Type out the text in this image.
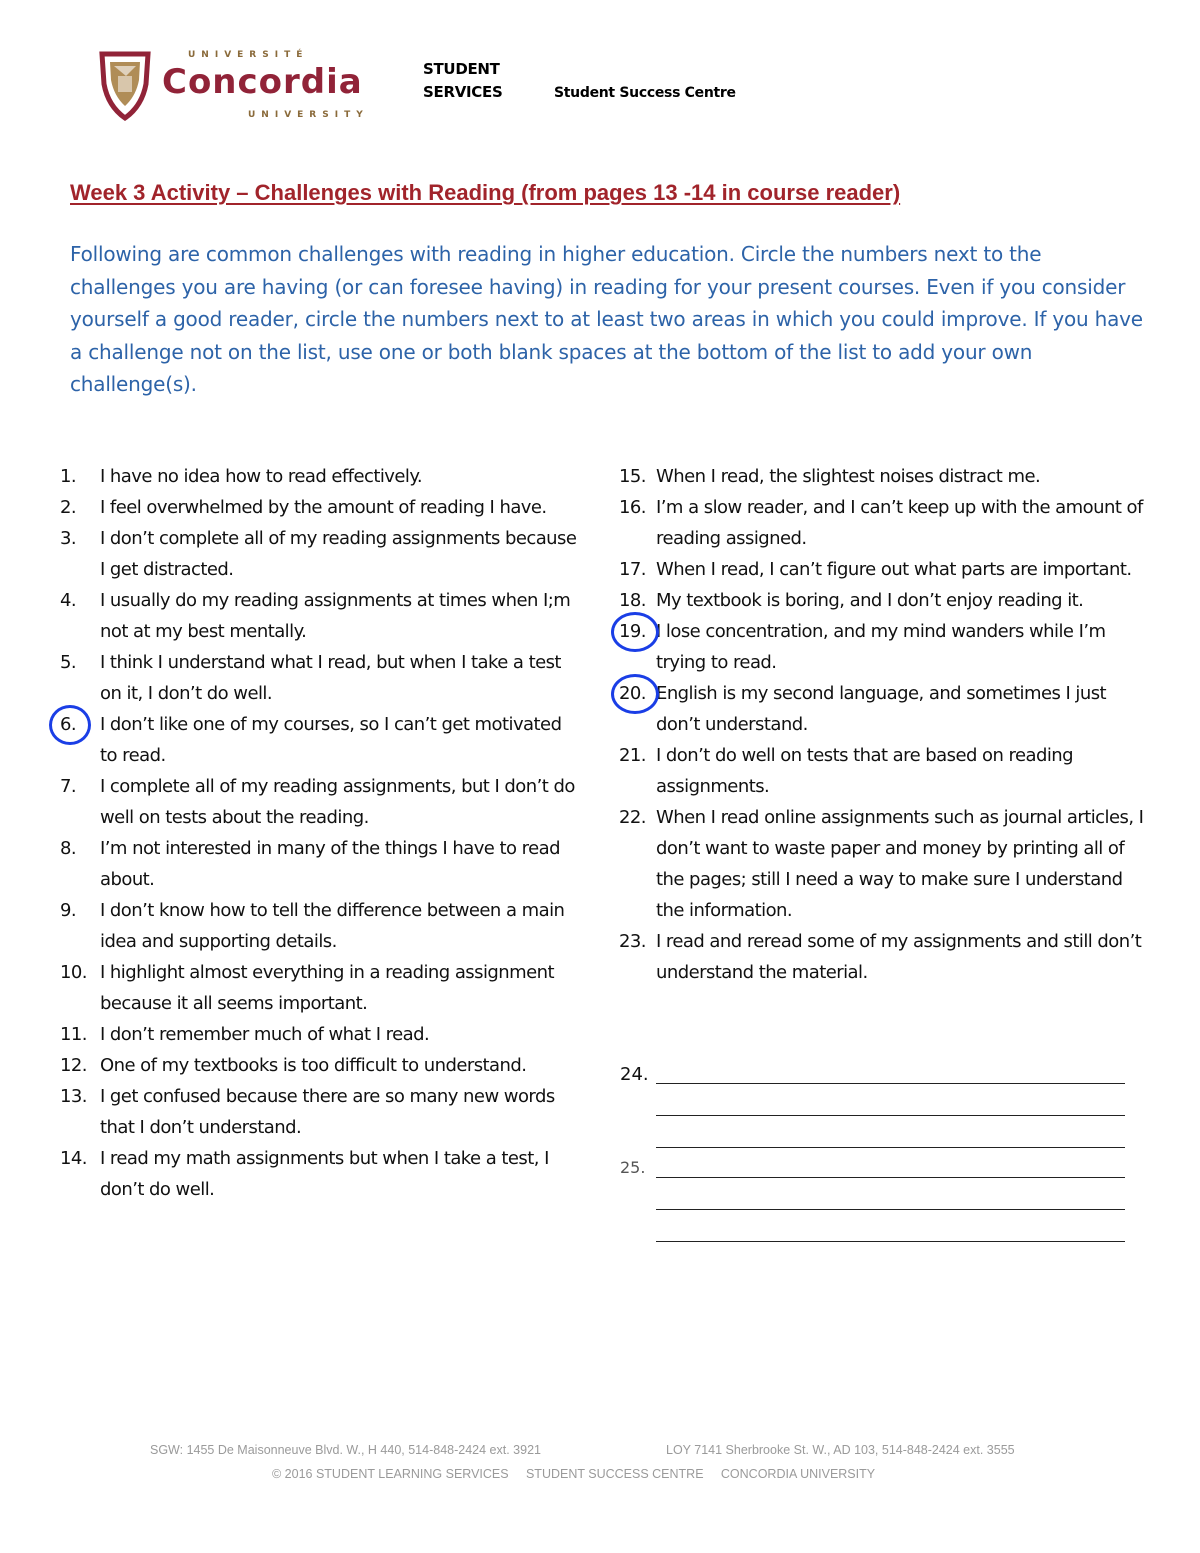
UNIVERSITÉ
Concordia
UNIVERSITY
STUDENT
SERVICES	Student Success Centre
Week 3 Activity – Challenges with Reading (from pages 13 -14 in course reader)
Following are common challenges with reading in higher education. Circle the numbers next to the challenges you are having (or can foresee having) in reading for your present courses. Even if you consider yourself a good reader, circle the numbers next to at least two areas in which you could improve. If you have a challenge not on the list, use one or both blank spaces at the bottom of the list to add your own challenge(s).
1.	I have no idea how to read effectively.
2.	I feel overwhelmed by the amount of reading I have.
3.	I don’t complete all of my reading assignments because I get distracted.
4.	I usually do my reading assignments at times when I;m not at my best mentally.
5.	I think I understand what I read, but when I take a test on it, I don’t do well.
6.	I don’t like one of my courses, so I can’t get motivated to read.
7.	I complete all of my reading assignments, but I don’t do well on tests about the reading.
8.	I’m not interested in many of the things I have to read about.
9.	I don’t know how to tell the difference between a main idea and supporting details.
10. I highlight almost everything in a reading assignment because it all seems important.
11. I don’t remember much of what I read.
12. One of my textbooks is too difficult to understand.
13. I get confused because there are so many new words that I don’t understand.
14. I read my math assignments but when I take a test, I don’t do well.
15. When I read, the slightest noises distract me.
16. I’m a slow reader, and I can’t keep up with the amount of reading assigned.
17. When I read, I can’t figure out what parts are important.
18. My textbook is boring, and I don’t enjoy reading it.
19. I lose concentration, and my mind wanders while I’m trying to read.
20. English is my second language, and sometimes I just don’t understand.
21. I don’t do well on tests that are based on reading assignments.
22. When I read online assignments such as journal articles, I don’t want to waste paper and money by printing all of the pages; still I need a way to make sure I understand the information.
23. I read and reread some of my assignments and still don’t understand the material.
24.
25.
SGW: 1455 De Maisonneuve Blvd. W., H 440, 514-848-2424 ext. 3921	LOY 7141 Sherbrooke St. W., AD 103, 514-848-2424 ext. 3555
© 2016 STUDENT LEARNING SERVICES     STUDENT SUCCESS CENTRE     CONCORDIA UNIVERSITY
